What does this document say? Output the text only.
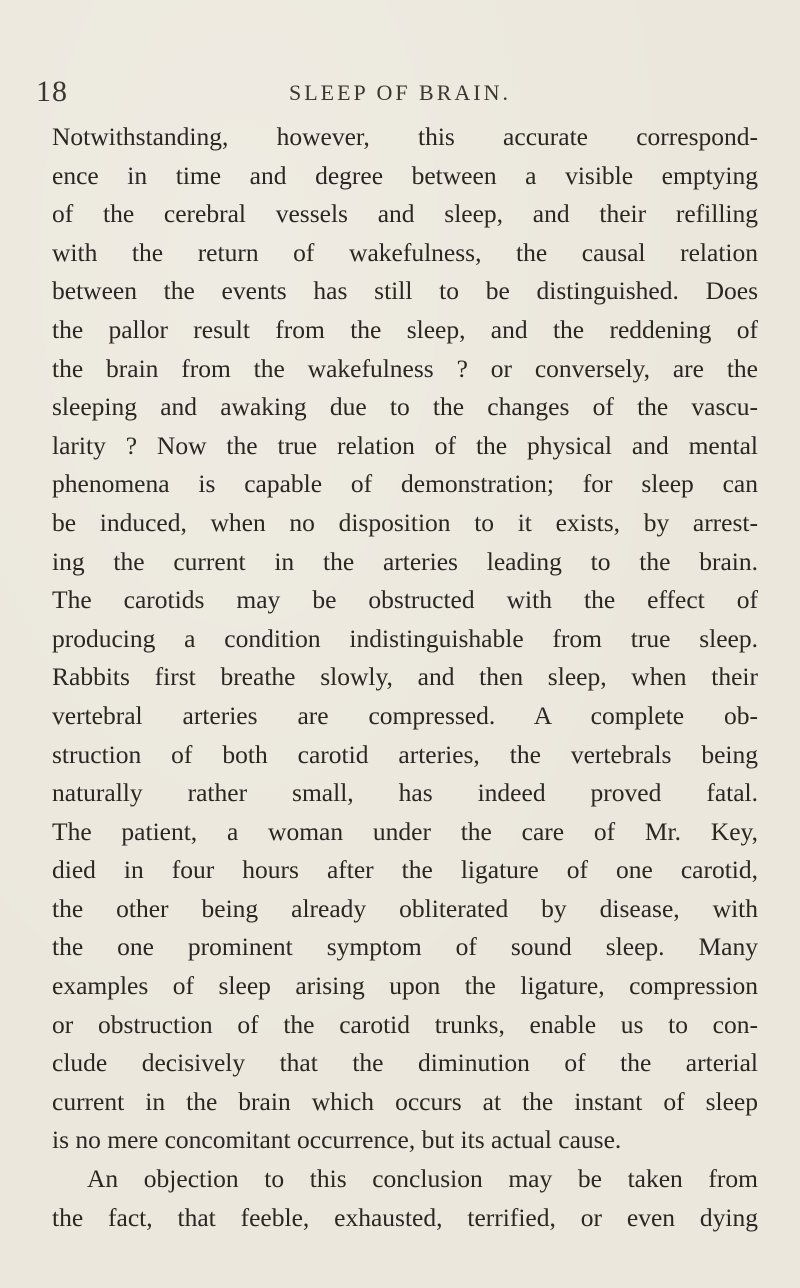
18	SLEEP OF BRAIN.
Notwithstanding, however, this accurate correspond-
ence in time and degree between a visible emptying
of the cerebral vessels and sleep, and their refilling
with the return of wakefulness, the causal relation
between the events has still to be distinguished. Does
the pallor result from the sleep, and the reddening of
the brain from the wakefulness ? or conversely, are the
sleeping and awaking due to the changes of the vascu-
larity ? Now the true relation of the physical and mental
phenomena is capable of demonstration; for sleep can
be induced, when no disposition to it exists, by arrest-
ing the current in the arteries leading to the brain.
The carotids may be obstructed with the effect of
producing a condition indistinguishable from true sleep.
Rabbits first breathe slowly, and then sleep, when their
vertebral arteries are compressed. A complete ob-
struction of both carotid arteries, the vertebrals being
naturally rather small, has indeed proved fatal.
The patient, a woman under the care of Mr. Key,
died in four hours after the ligature of one carotid,
the other being already obliterated by disease, with
the one prominent symptom of sound sleep. Many
examples of sleep arising upon the ligature, compression
or obstruction of the carotid trunks, enable us to con-
clude decisively that the diminution of the arterial
current in the brain which occurs at the instant of sleep
is no mere concomitant occurrence, but its actual cause.
An objection to this conclusion may be taken from
the fact, that feeble, exhausted, terrified, or even dying
